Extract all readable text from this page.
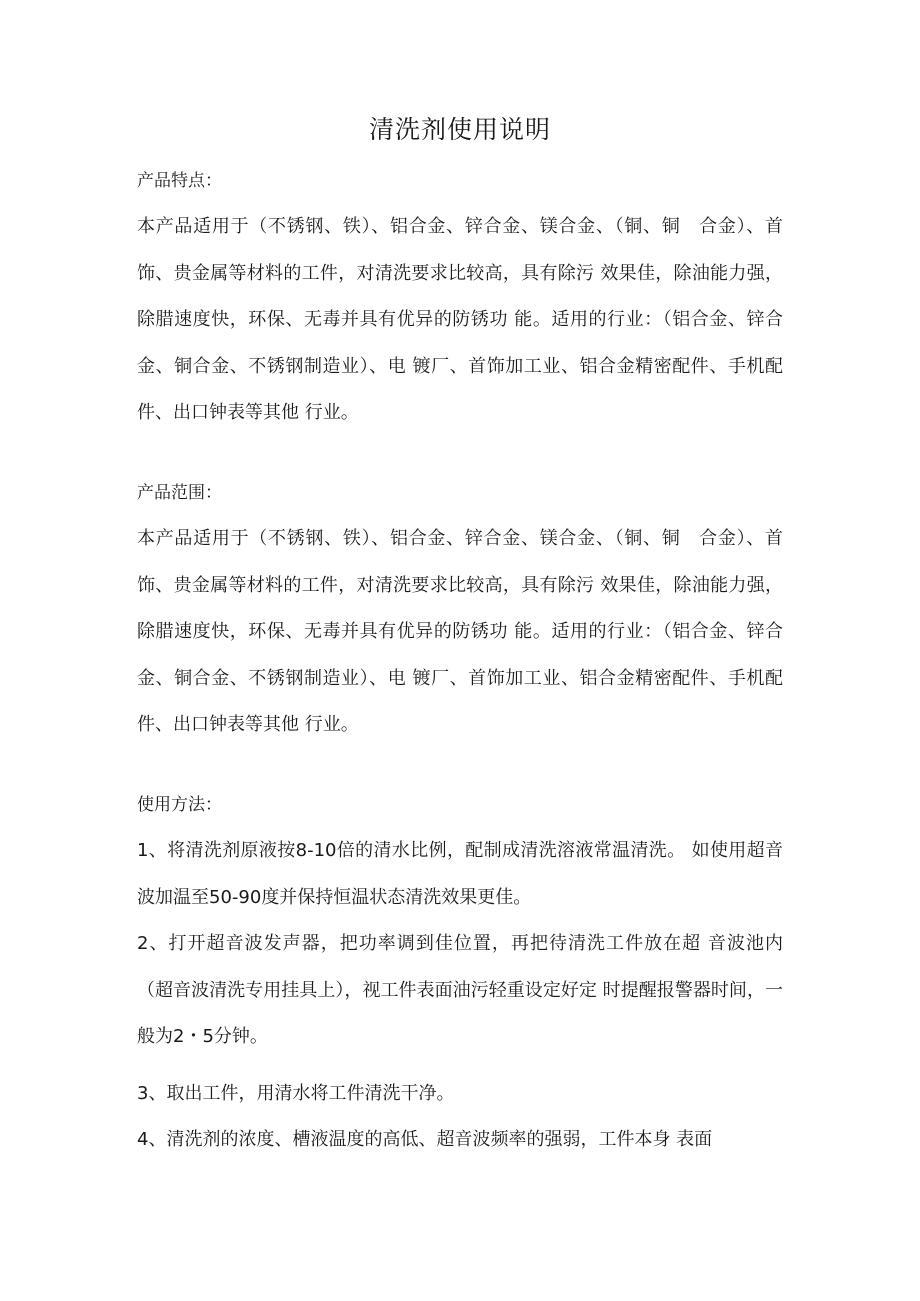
清洗剂使用说明

产品特点：

本产品适用于（不锈钢、铁）、铝合金、锌合金、镁合金、（铜、铜　合金）、首饰、贵金属等材料的工件，对清洗要求比较高，具有除污 效果佳，除油能力强，除腊速度快，环保、无毒并具有优异的防锈功 能。适用的行业：（铝合金、锌合金、铜合金、不锈钢制造业）、电 镀厂、首饰加工业、铝合金精密配件、手机配件、出口钟表等其他 行业。

产品范围：

本产品适用于（不锈钢、铁）、铝合金、锌合金、镁合金、（铜、铜　合金）、首饰、贵金属等材料的工件，对清洗要求比较高，具有除污 效果佳，除油能力强，除腊速度快，环保、无毒并具有优异的防锈功 能。适用的行业：（铝合金、锌合金、铜合金、不锈钢制造业）、电 镀厂、首饰加工业、铝合金精密配件、手机配件、出口钟表等其他 行业。

使用方法：

1、将清洗剂原液按8-10倍的清水比例，配制成清洗溶液常温清洗。 如使用超音波加温至50-90度并保持恒温状态清洗效果更佳。

2、打开超音波发声器，把功率调到佳位置，再把待清洗工件放在超 音波池内（超音波清洗专用挂具上），视工件表面油污轻重设定好定 时提醒报警器时间，一般为2・5分钟。

3、取出工件，用清水将工件清洗干净。

4、清洗剂的浓度、槽液温度的高低、超音波频率的强弱，工件本身 表面
